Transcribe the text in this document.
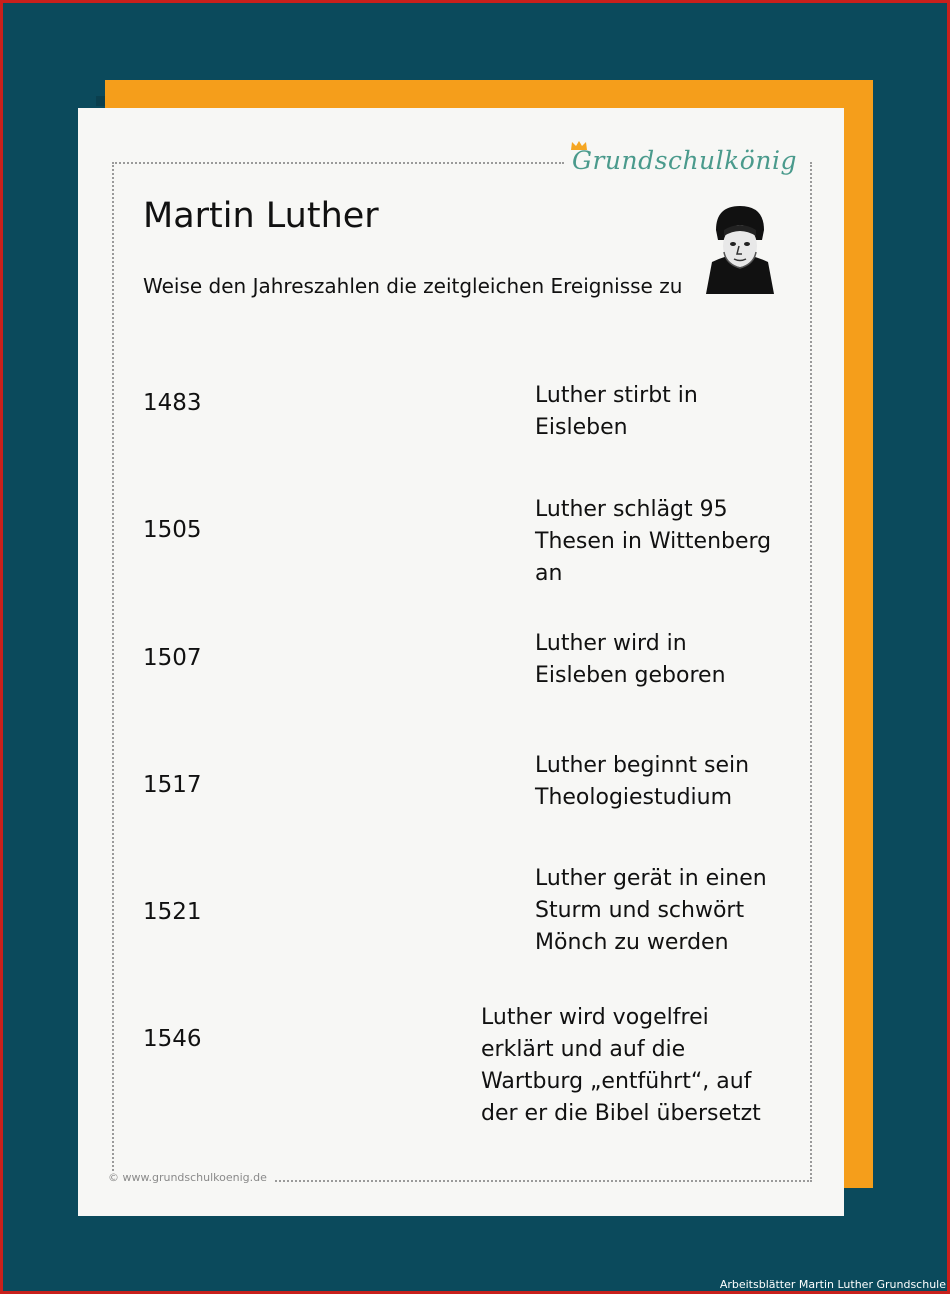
Grundschulkönig
Martin Luther
Weise den Jahreszahlen die zeitgleichen Ereignisse zu
1483
1505
1507
1517
1521
1546
Luther stirbt in
Eisleben
Luther schlägt 95
Thesen in Wittenberg
an
Luther wird in
Eisleben geboren
Luther beginnt sein
Theologiestudium
Luther gerät in einen
Sturm und schwört
Mönch zu werden
Luther wird vogelfrei
erklärt und auf die
Wartburg „entführt“, auf
der er die Bibel übersetzt
© www.grundschulkoenig.de
Arbeitsblätter Martin Luther Grundschule
